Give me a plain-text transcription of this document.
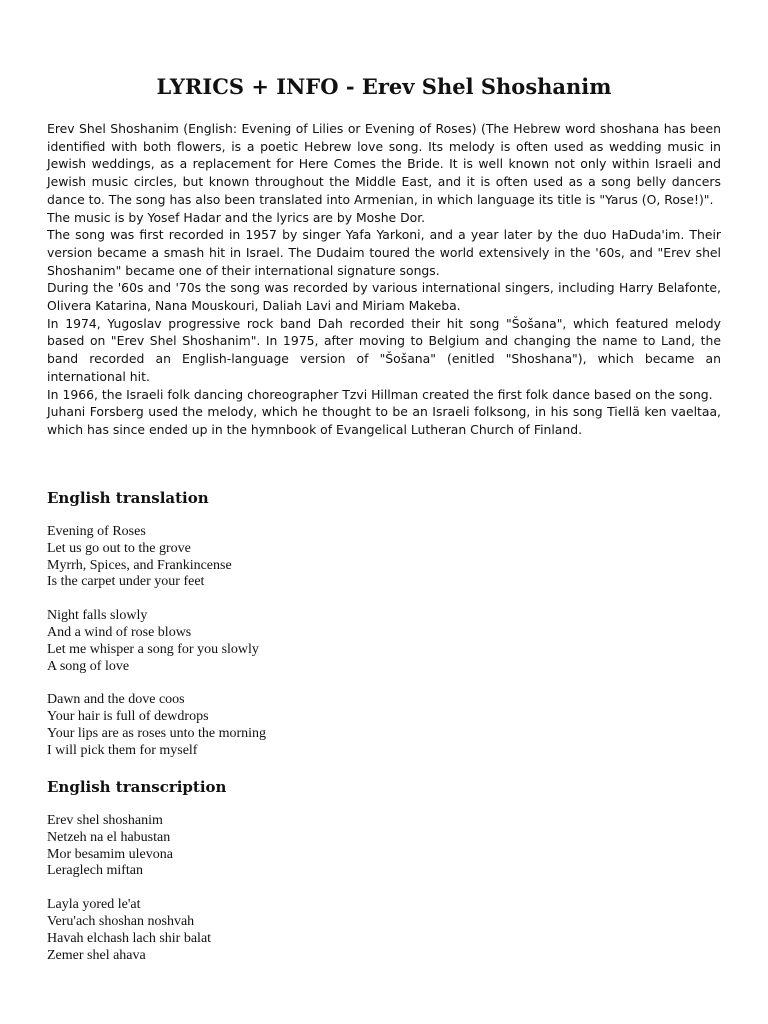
LYRICS + INFO - Erev Shel Shoshanim

Erev Shel Shoshanim (English: Evening of Lilies or Evening of Roses) (The Hebrew word shoshana has been identified with both flowers, is a poetic Hebrew love song. Its melody is often used as wedding music in Jewish weddings, as a replacement for Here Comes the Bride. It is well known not only within Israeli and Jewish music circles, but known throughout the Middle East, and it is often used as a song belly dancers dance to. The song has also been translated into Armenian, in which language its title is "Yarus (O, Rose!)".

The music is by Yosef Hadar and the lyrics are by Moshe Dor.

The song was first recorded in 1957 by singer Yafa Yarkoni, and a year later by the duo HaDuda'im. Their version became a smash hit in Israel. The Dudaim toured the world extensively in the '60s, and "Erev shel Shoshanim" became one of their international signature songs.

During the '60s and '70s the song was recorded by various international singers, including Harry Belafonte, Olivera Katarina, Nana Mouskouri, Daliah Lavi and Miriam Makeba.

In 1974, Yugoslav progressive rock band Dah recorded their hit song "Šošana", which featured melody based on "Erev Shel Shoshanim". In 1975, after moving to Belgium and changing the name to Land, the band recorded an English-language version of "Šošana" (enitled "Shoshana"), which became an international hit.

In 1966, the Israeli folk dancing choreographer Tzvi Hillman created the first folk dance based on the song.

Juhani Forsberg used the melody, which he thought to be an Israeli folksong, in his song Tiellä ken vaeltaa, which has since ended up in the hymnbook of Evangelical Lutheran Church of Finland.

English translation
Evening of Roses
Let us go out to the grove
Myrrh, Spices, and Frankincense
Is the carpet under your feet
Night falls slowly
And a wind of rose blows
Let me whisper a song for you slowly
A song of love
Dawn and the dove coos
Your hair is full of dewdrops
Your lips are as roses unto the morning
I will pick them for myself
English transcription
Erev shel shoshanim
Netzeh na el habustan
Mor besamim ulevona
Leraglech miftan
Layla yored le'at
Veru'ach shoshan noshvah
Havah elchash lach shir balat
Zemer shel ahava
